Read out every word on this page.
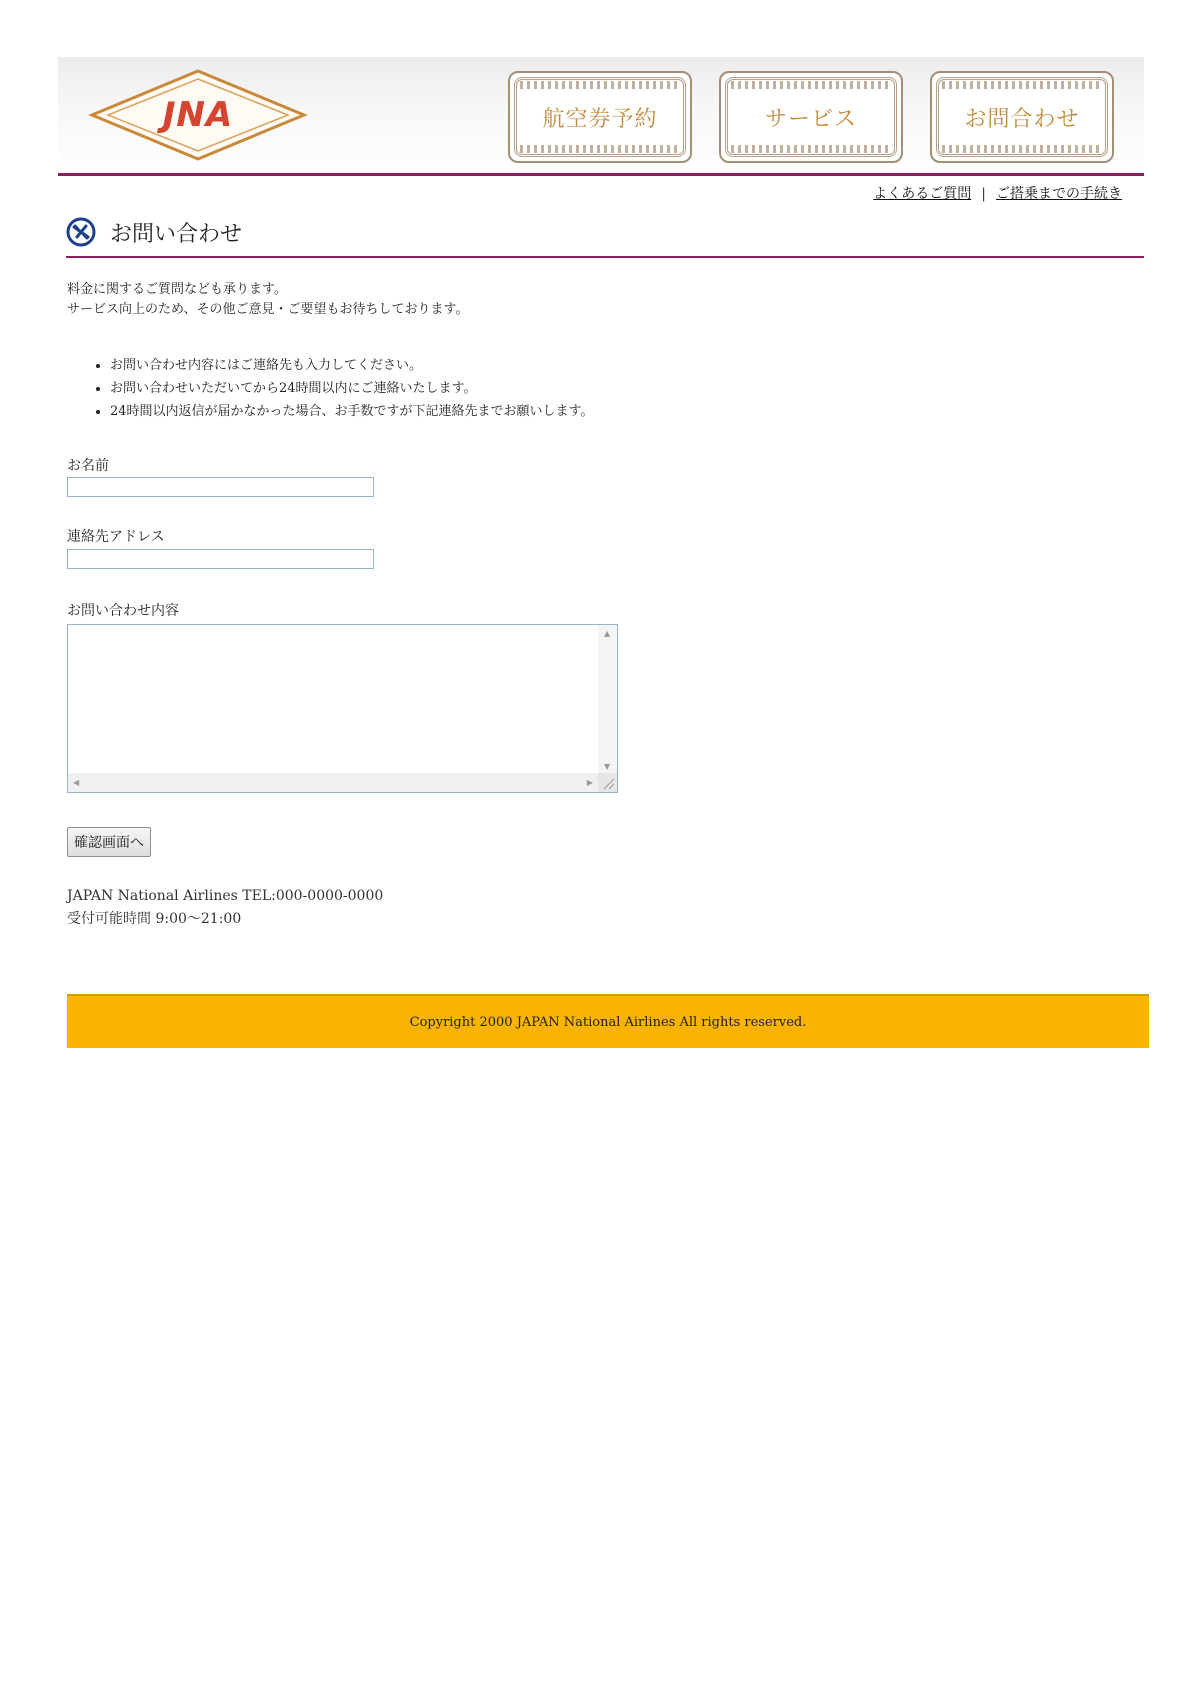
JNA	航空券予約	サービス	お問合わせ
よくあるご質問 | ご搭乗までの手続き
お問い合わせ
料金に関するご質問なども承ります。
サービス向上のため、その他ご意見・ご要望もお待ちしております。
• お問い合わせ内容にはご連絡先も入力してください。
• お問い合わせいただいてから24時間以内にご連絡いたします。
• 24時間以内返信が届かなかった場合、お手数ですが下記連絡先までお願いします。
お名前
連絡先アドレス
お問い合わせ内容
▲
▼
◀	▶
確認画面へ
JAPAN National Airlines TEL:000-0000-0000
受付可能時間 9:00～21:00
Copyright 2000 JAPAN National Airlines All rights reserved.
